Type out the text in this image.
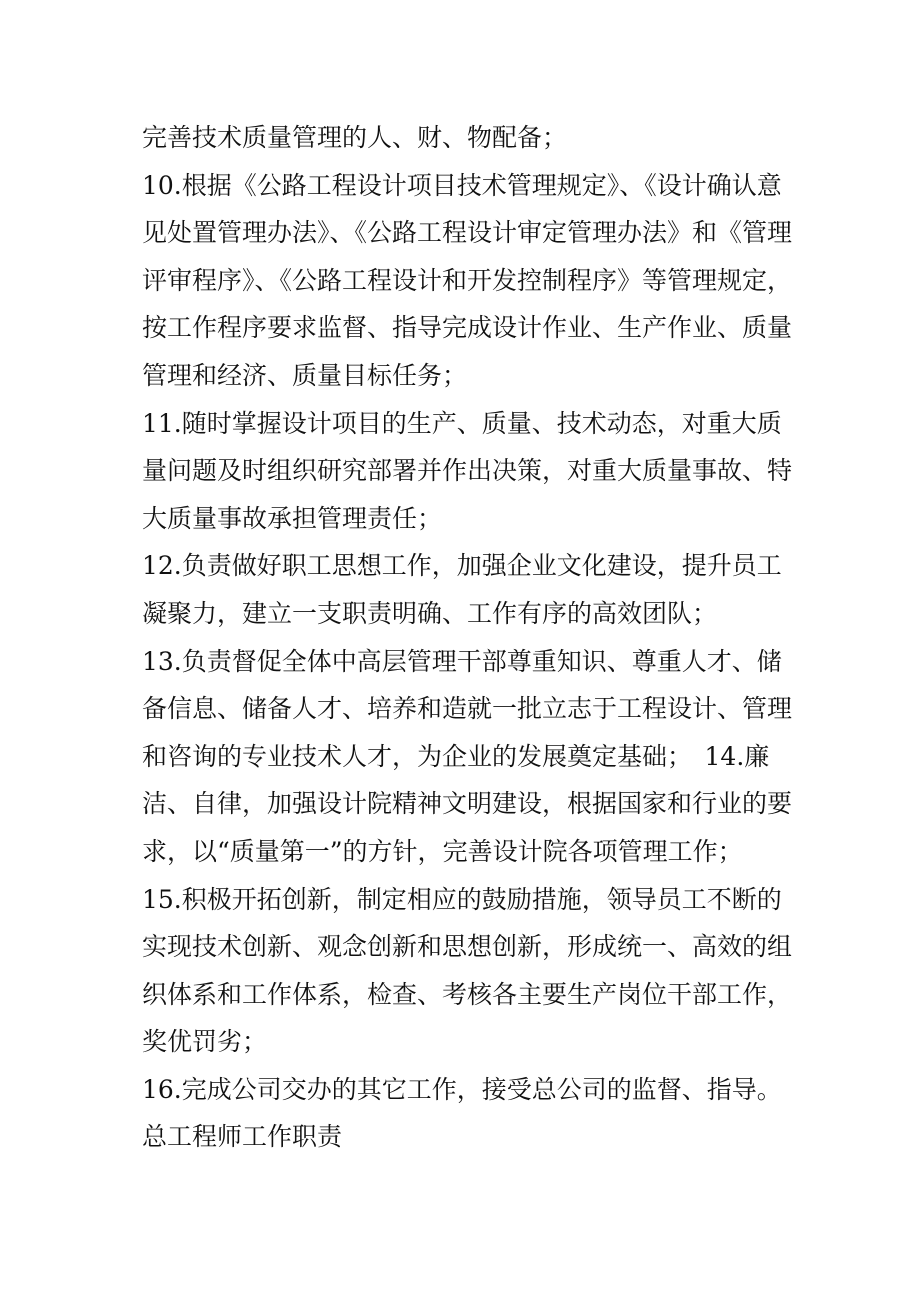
完善技术质量管理的人、财、物配备；
10.根据《公路工程设计项目技术管理规定》、《设计确认意
见处置管理办法》、《公路工程设计审定管理办法》和《管理
评审程序》、《公路工程设计和开发控制程序》等管理规定，
按工作程序要求监督、指导完成设计作业、生产作业、质量
管理和经济、质量目标任务；
11.随时掌握设计项目的生产、质量、技术动态，对重大质
量问题及时组织研究部署并作出决策，对重大质量事故、特
大质量事故承担管理责任；
12.负责做好职工思想工作，加强企业文化建设，提升员工
凝聚力，建立一支职责明确、工作有序的高效团队；
13.负责督促全体中高层管理干部尊重知识、尊重人才、储
备信息、储备人才、培养和造就一批立志于工程设计、管理
和咨询的专业技术人才，为企业的发展奠定基础；　14.廉
洁、自律，加强设计院精神文明建设，根据国家和行业的要
求，以“质量第一”的方针，完善设计院各项管理工作；
15.积极开拓创新，制定相应的鼓励措施，领导员工不断的
实现技术创新、观念创新和思想创新，形成统一、高效的组
织体系和工作体系，检查、考核各主要生产岗位干部工作，
奖优罚劣；
16.完成公司交办的其它工作，接受总公司的监督、指导。
总工程师工作职责
